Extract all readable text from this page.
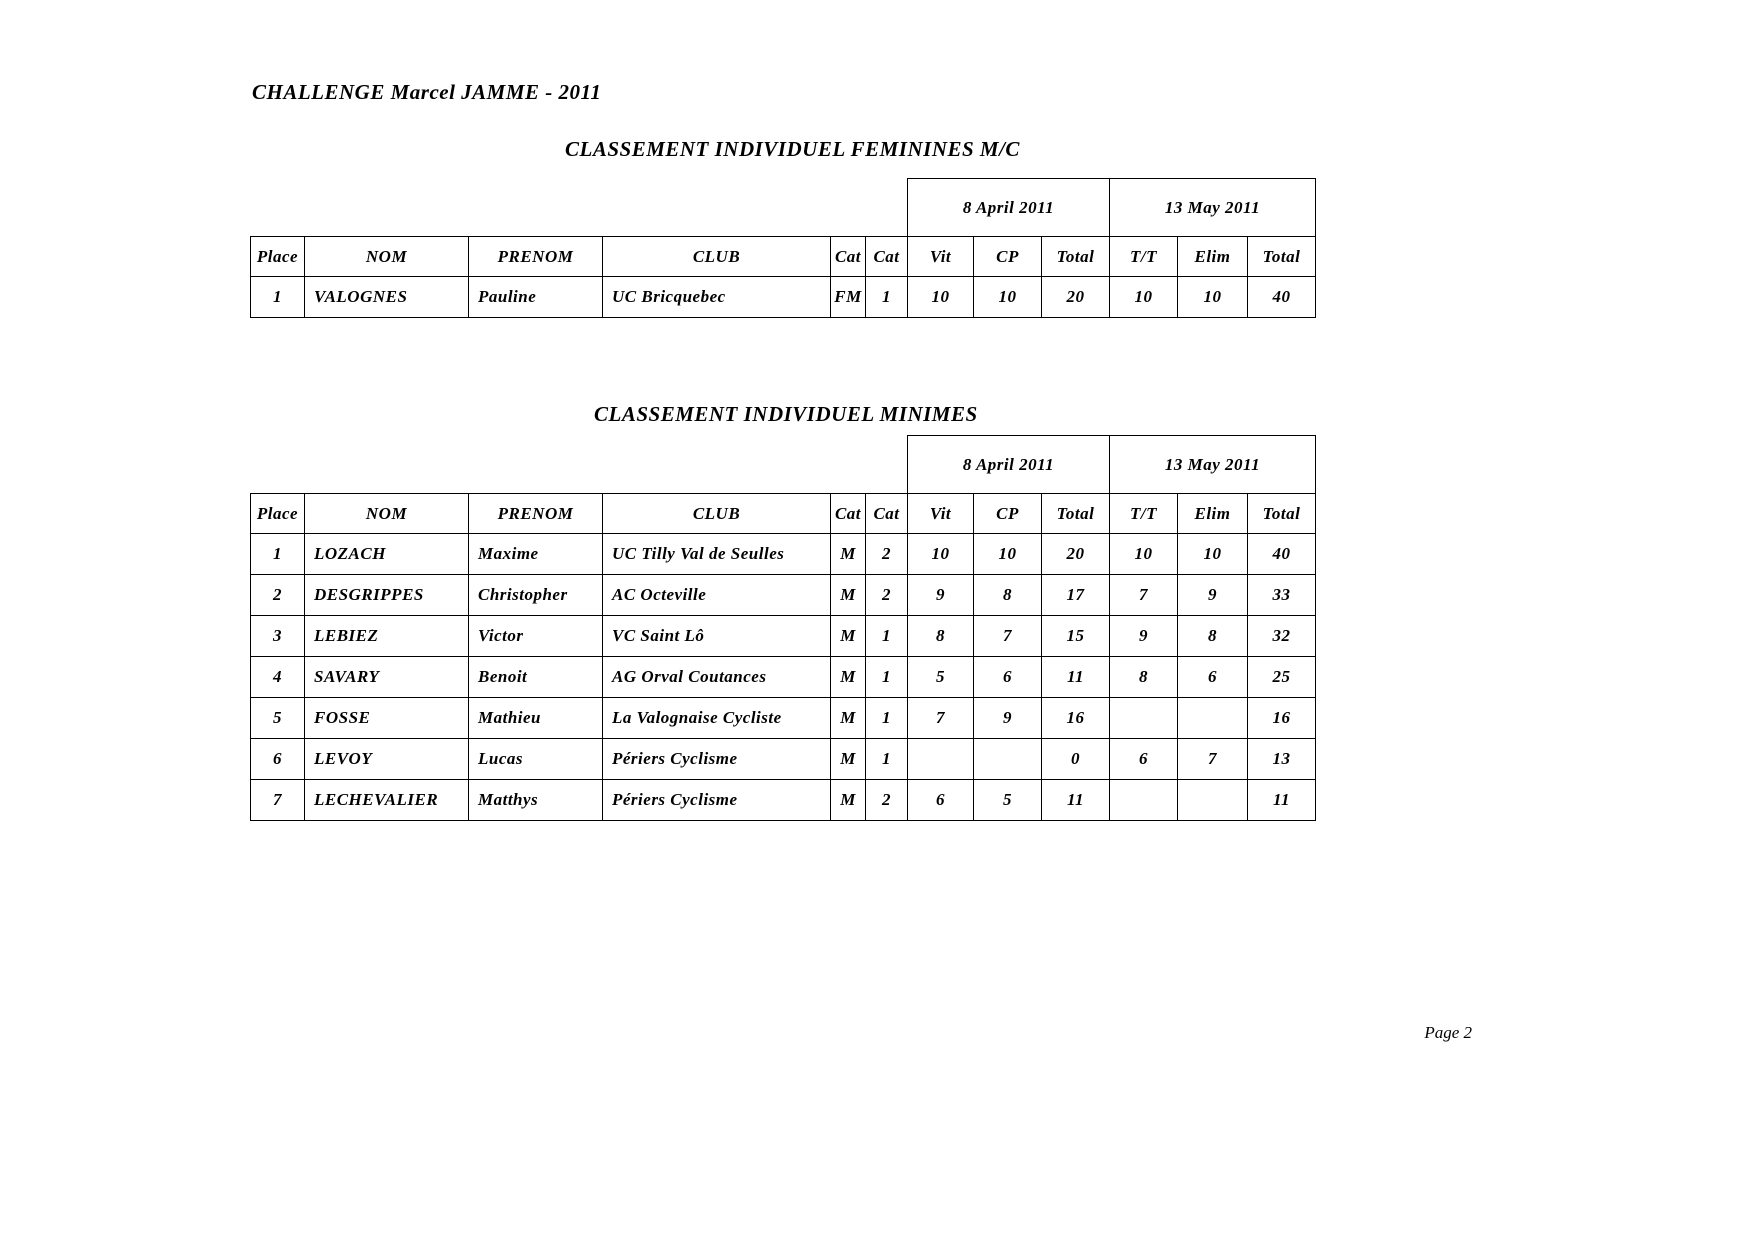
CHALLENGE Marcel JAMME - 2011
CLASSEMENT INDIVIDUEL FEMININES M/C
						8 April 2011			13 May 2011		
Place	NOM	PRENOM	CLUB	Cat	Cat	Vit	CP	Total	T/T	Elim	Total
1	VALOGNES	Pauline	UC Bricquebec	FM	1	10	10	20	10	10	40
CLASSEMENT INDIVIDUEL MINIMES
						8 April 2011			13 May 2011		
Place	NOM	PRENOM	CLUB	Cat	Cat	Vit	CP	Total	T/T	Elim	Total
1	LOZACH	Maxime	UC Tilly Val de Seulles	M	2	10	10	20	10	10	40
2	DESGRIPPES	Christopher	AC Octeville	M	2	9	8	17	7	9	33
3	LEBIEZ	Victor	VC Saint Lô	M	1	8	7	15	9	8	32
4	SAVARY	Benoit	AG Orval Coutances	M	1	5	6	11	8	6	25
5	FOSSE	Mathieu	La Valognaise Cycliste	M	1	7	9	16			16
6	LEVOY	Lucas	Périers Cyclisme	M	1			0	6	7	13
7	LECHEVALIER	Matthys	Périers Cyclisme	M	2	6	5	11			11
Page 2
